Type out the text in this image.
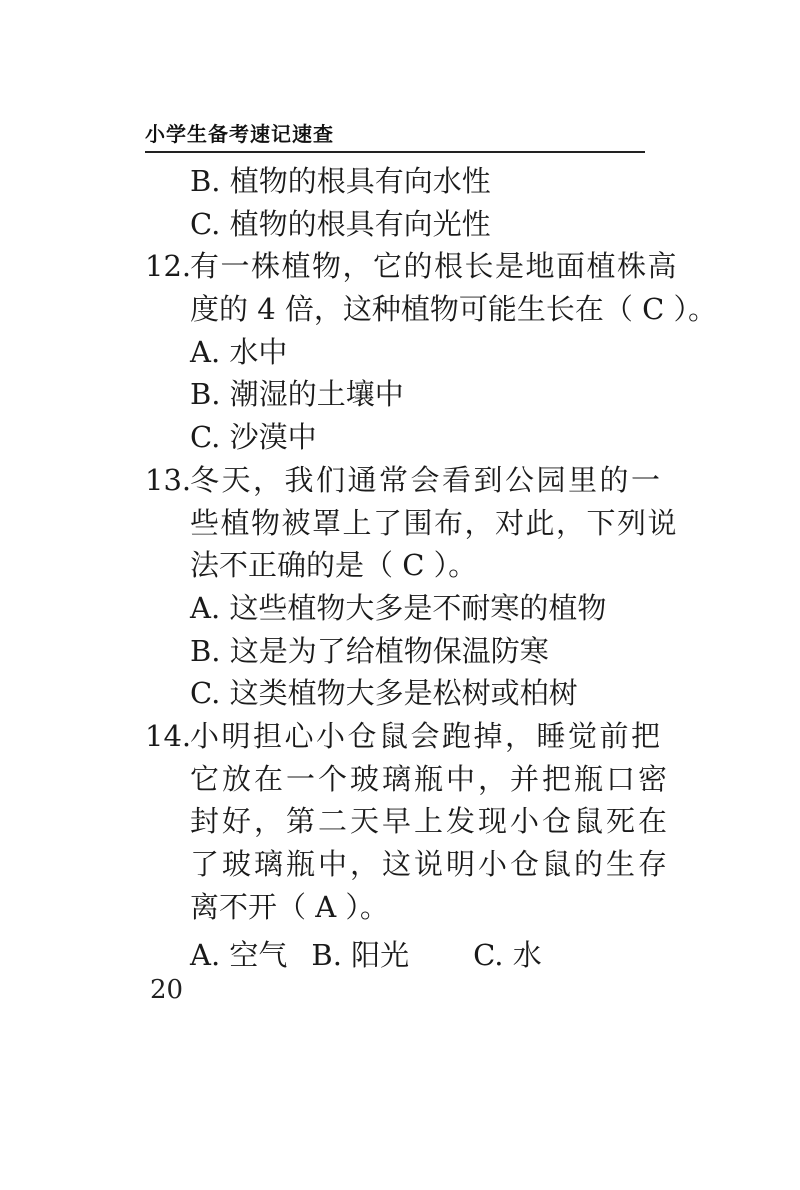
小学生备考速记速查
B. 植物的根具有向水性
C. 植物的根具有向光性
12.
有一株植物，它的根长是地面植株高
度的 4 倍，这种植物可能生长在（ C ）。
A. 水中
B. 潮湿的土壤中
C. 沙漠中
13.
冬天，我们通常会看到公园里的一
些植物被罩上了围布，对此，下列说
法不正确的是（ C ）。
A. 这些植物大多是不耐寒的植物
B. 这是为了给植物保温防寒
C. 这类植物大多是松树或柏树
14.
小明担心小仓鼠会跑掉，睡觉前把
它放在一个玻璃瓶中，并把瓶口密
封好，第二天早上发现小仓鼠死在
了玻璃瓶中，这说明小仓鼠的生存
离不开（ A ）。
A. 空气 B. 阳光 C. 水
20
